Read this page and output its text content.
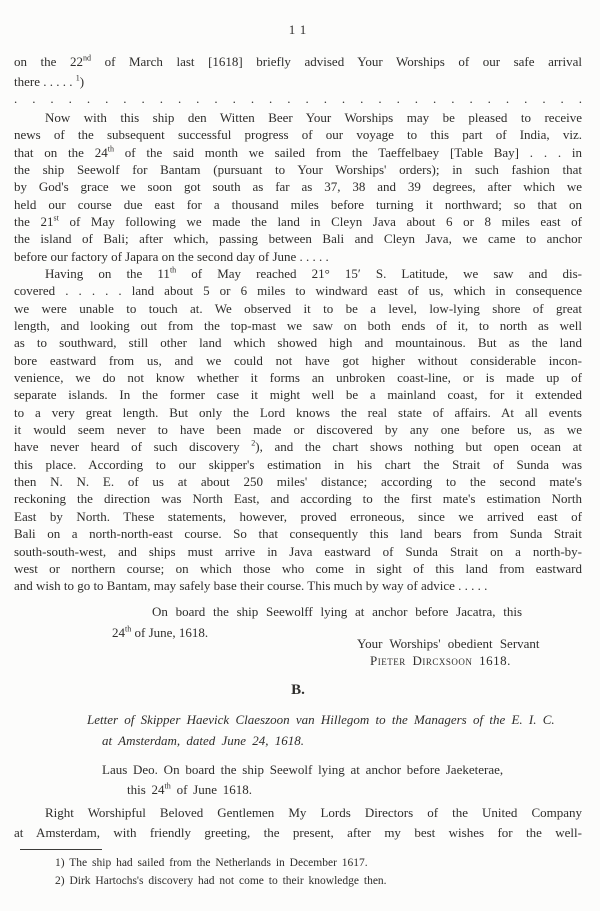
11
on the 22nd of March last [1618] briefly advised Your Worships of our safe arrival
there . . . . . $^1$)
. . . . . . . . . . . . . . . . . . . . . . . . . . . . . . . .
Now with this ship den Witten Beer Your Worships may be pleased to receive
news of the subsequent successful progress of our voyage to this part of India, viz.
that on the 24th of the said month we sailed from the Taeffelbaey [Table Bay] . . . in
the ship Seewolf for Bantam (pursuant to Your Worships' orders); in such fashion that
by God's grace we soon got south as far as 37, 38 and 39 degrees, after which we
held our course due east for a thousand miles before turning it northward; so that on
the 21st of May following we made the land in Cleyn Java about 6 or 8 miles east of
the island of Bali; after which, passing between Bali and Cleyn Java, we came to anchor
before our factory of Japara on the second day of June . . . . .
Having on the 11th of May reached 21° 15′ S. Latitude, we saw and dis-
covered . . . . . land about 5 or 6 miles to windward east of us, which in consequence
we were unable to touch at. We observed it to be a level, low-lying shore of great
length, and looking out from the top-mast we saw on both ends of it, to north as well
as to southward, still other land which showed high and mountainous. But as the land
bore eastward from us, and we could not have got higher without considerable incon-
venience, we do not know whether it forms an unbroken coast-line, or is made up of
separate islands. In the former case it might well be a mainland coast, for it extended
to a very great length. But only the Lord knows the real state of affairs. At all events
it would seem never to have been made or discovered by any one before us, as we
have never heard of such discovery $^2$), and the chart shows nothing but open ocean at
this place. According to our skipper's estimation in his chart the Strait of Sunda was
then N. N. E. of us at about 250 miles' distance; according to the second mate's
reckoning the direction was North East, and according to the first mate's estimation North
East by North. These statements, however, proved erroneous, since we arrived east of
Bali on a north-north-east course. So that consequently this land bears from Sunda Strait
south-south-west, and ships must arrive in Java eastward of Sunda Strait on a north-by-
west or northern course; on which those who come in sight of this land from eastward
and wish to go to Bantam, may safely base their course. This much by way of advice . . . . .
On board the ship Seewolff lying at anchor before Jacatra, this
24th of June, 1618.
Your Worships' obedient Servant
Pieter Dircxsoon 1618.
B.
Letter of Skipper Haevick Claeszoon van Hillegom to the Managers of the E. I. C.
at Amsterdam, dated June 24, 1618.
Laus Deo. On board the ship Seewolf lying at anchor before Jaeketerae,
this 24th of June 1618.
Right Worshipful Beloved Gentlemen My Lords Directors of the United Company
at Amsterdam, with friendly greeting, the present, after my best wishes for the well-
1) The ship had sailed from the Netherlands in December 1617.
2) Dirk Hartochs's discovery had not come to their knowledge then.
